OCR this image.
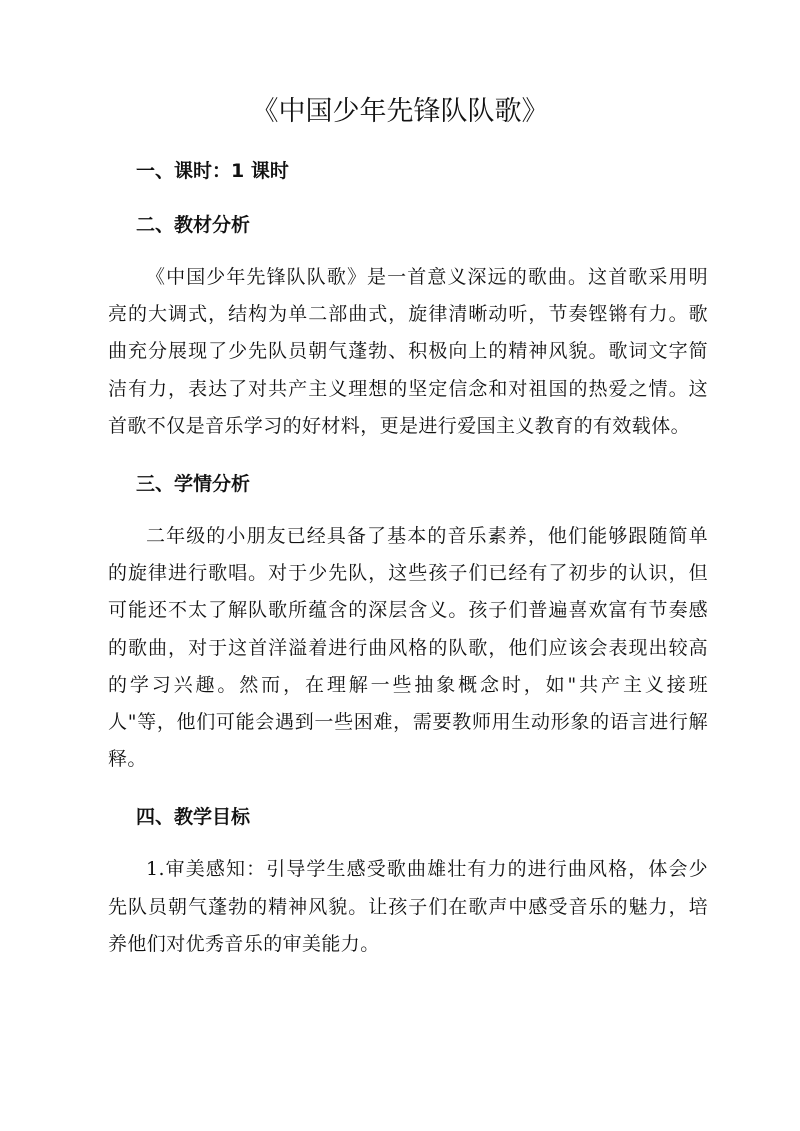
《中国少年先锋队队歌》
一、课时：1 课时
二、教材分析

《中国少年先锋队队歌》是一首意义深远的歌曲。这首歌采用明亮的大调式，结构为单二部曲式，旋律清晰动听，节奏铿锵有力。歌曲充分展现了少先队员朝气蓬勃、积极向上的精神风貌。歌词文字简洁有力，表达了对共产主义理想的坚定信念和对祖国的热爱之情。这首歌不仅是音乐学习的好材料，更是进行爱国主义教育的有效载体。

三、学情分析

二年级的小朋友已经具备了基本的音乐素养，他们能够跟随简单的旋律进行歌唱。对于少先队，这些孩子们已经有了初步的认识，但可能还不太了解队歌所蕴含的深层含义。孩子们普遍喜欢富有节奏感的歌曲，对于这首洋溢着进行曲风格的队歌，他们应该会表现出较高的学习兴趣。然而，在理解一些抽象概念时，如"共产主义接班人"等，他们可能会遇到一些困难，需要教师用生动形象的语言进行解释。

四、教学目标

1.审美感知：引导学生感受歌曲雄壮有力的进行曲风格，体会少先队员朝气蓬勃的精神风貌。让孩子们在歌声中感受音乐的魅力，培养他们对优秀音乐的审美能力。
